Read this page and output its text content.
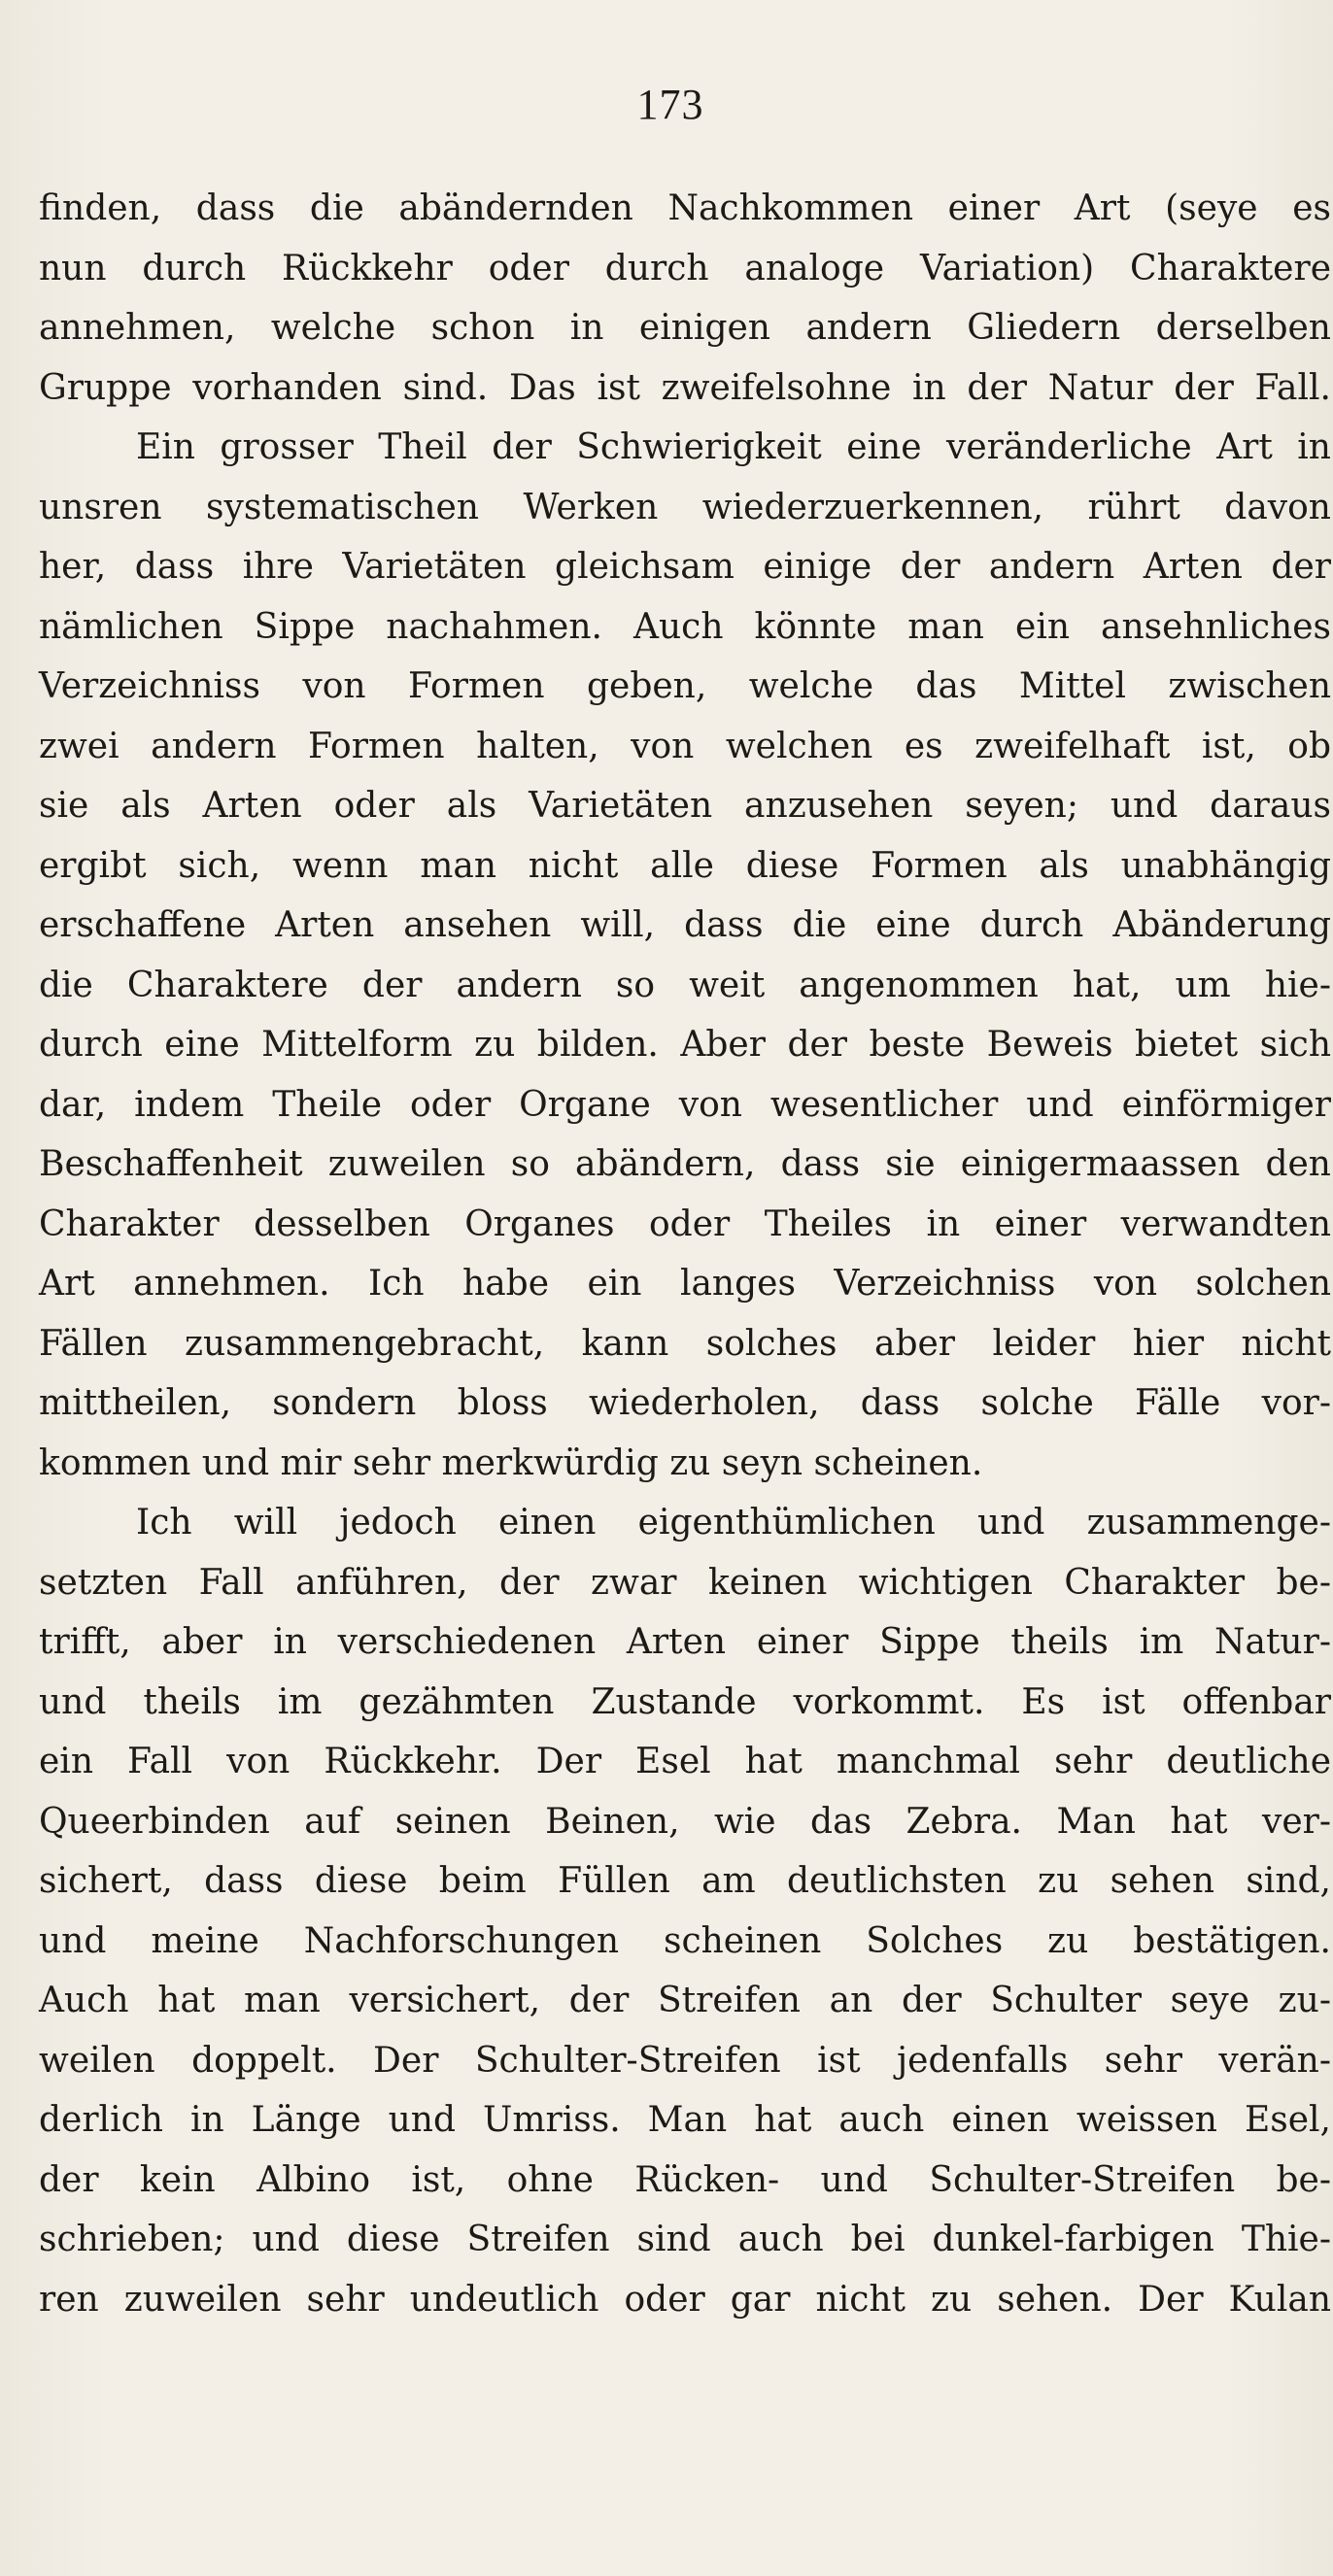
173
finden, dass die abändernden Nachkommen einer Art (seye es
nun durch Rückkehr oder durch analoge Variation) Charaktere
annehmen, welche schon in einigen andern Gliedern derselben
Gruppe vorhanden sind. Das ist zweifelsohne in der Natur der Fall.
Ein grosser Theil der Schwierigkeit eine veränderliche Art in
unsren systematischen Werken wiederzuerkennen, rührt davon
her, dass ihre Varietäten gleichsam einige der andern Arten der
nämlichen Sippe nachahmen. Auch könnte man ein ansehnliches
Verzeichniss von Formen geben, welche das Mittel zwischen
zwei andern Formen halten, von welchen es zweifelhaft ist, ob
sie als Arten oder als Varietäten anzusehen seyen; und daraus
ergibt sich, wenn man nicht alle diese Formen als unabhängig
erschaffene Arten ansehen will, dass die eine durch Abänderung
die Charaktere der andern so weit angenommen hat, um hie-
durch eine Mittelform zu bilden. Aber der beste Beweis bietet sich
dar, indem Theile oder Organe von wesentlicher und einförmiger
Beschaffenheit zuweilen so abändern, dass sie einigermaassen den
Charakter desselben Organes oder Theiles in einer verwandten
Art annehmen. Ich habe ein langes Verzeichniss von solchen
Fällen zusammengebracht, kann solches aber leider hier nicht
mittheilen, sondern bloss wiederholen, dass solche Fälle vor-
kommen und mir sehr merkwürdig zu seyn scheinen.
Ich will jedoch einen eigenthümlichen und zusammenge-
setzten Fall anführen, der zwar keinen wichtigen Charakter be-
trifft, aber in verschiedenen Arten einer Sippe theils im Natur-
und theils im gezähmten Zustande vorkommt. Es ist offenbar
ein Fall von Rückkehr. Der Esel hat manchmal sehr deutliche
Queerbinden auf seinen Beinen, wie das Zebra. Man hat ver-
sichert, dass diese beim Füllen am deutlichsten zu sehen sind,
und meine Nachforschungen scheinen Solches zu bestätigen.
Auch hat man versichert, der Streifen an der Schulter seye zu-
weilen doppelt. Der Schulter-Streifen ist jedenfalls sehr verän-
derlich in Länge und Umriss. Man hat auch einen weissen Esel,
der kein Albino ist, ohne Rücken- und Schulter-Streifen be-
schrieben; und diese Streifen sind auch bei dunkel-farbigen Thie-
ren zuweilen sehr undeutlich oder gar nicht zu sehen. Der Kulan
